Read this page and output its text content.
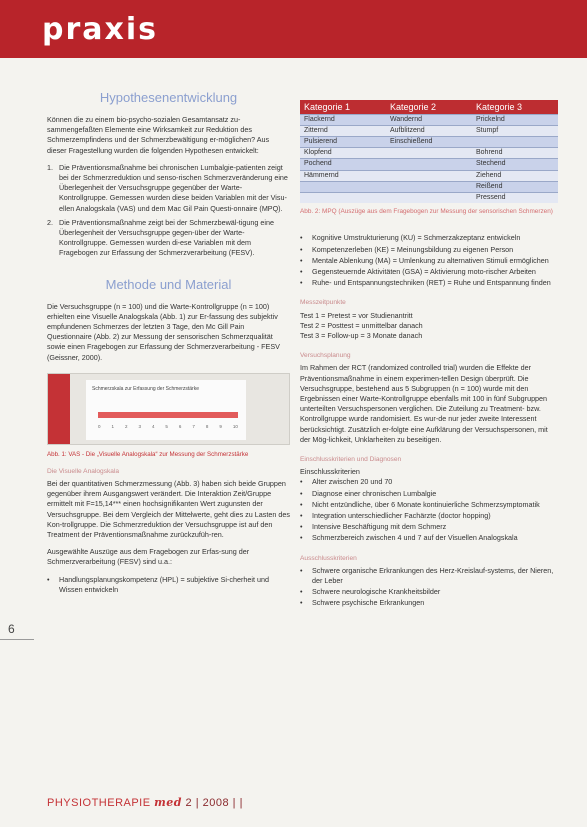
praxis
Hypothesenentwicklung
Können die zu einem bio-psycho-sozialen Gesamtansatz zu-sammengefaßten Elemente eine Wirksamkeit zur Reduktion des Schmerzempfindens und der Schmerzbewältigung er-möglichen? Aus dieser Fragestellung wurden die folgenden Hypothesen entwickelt:
1. Die Präventionsmaßnahme bei chronischen Lumbalgie-patienten zeigt bei der Schmerzreduktion und senso-rischen Schmerzveränderung eine Überlegenheit der Versuchsgruppe gegenüber der Warte-Kontrollgruppe. Gemessen wurden diese beiden Variablen mit der Visu-ellen Analogskala (VAS) und dem Mac Gil Pain Questi-onnaire (MPQ).
2. Die Präventionsmaßnahme zeigt bei der Schmerzbewäl-tigung eine Überlegenheit der Versuchsgruppe gegen-über der Warte-Kontrollgruppe. Gemessen wurden di-ese Variablen mit dem Fragebogen zur Erfassung der Schmerzverarbeitung (FESV).
Methode und Material
Die Versuchsgruppe (n = 100) und die Warte-Kontrollgruppe (n = 100) erhielten eine Visuelle Analogskala (Abb. 1) zur Er-fassung des subjektiv empfundenen Schmerzes der letzten 3 Tage, den Mc Gill Pain Questionnaire (Abb. 2) zur Messung der sensorischen Schmerzqualität sowie einen Fragebogen zur Erfassung der Schmerzverarbeitung - FESV (Geissner, 2000).
Schmerzskala zur Erfassung der Schmerzstärke
0 1 2 3 4 5 6 7 8 9 10
Abb. 1: VAS - Die „Visuelle Analogskala“ zur Messung der Schmerzstärke
Die Visuelle Analogskala
Bei der quantitativen Schmerzmessung (Abb. 3) haben sich beide Gruppen gegenüber ihrem Ausgangswert verändert. Die Interaktion Zeit/Gruppe ermittelt mit F=15,14*** einen hochsignifikanten Wert zugunsten der Versuchsgruppe. Bei dem Vergleich der Mittelwerte, geht dies zu Lasten des Kon-trollgruppe. Die Schmerzreduktion der Versuchsgruppe ist auf den Treatment der Präventionsmaßnahme zurückzufüh-ren.
Ausgewählte Auszüge aus dem Fragebogen zur Erfas-sung der Schmerzverarbeitung (FESV) sind u.a.:
•	Handlungsplanungskompetenz (HPL) = subjektive Si-cherheit und Wissen entwickeln
Kategorie 1	Kategorie 2	Kategorie 3
Flackernd	Wandernd	Prickelnd
Zitternd	Aufblitzend	Stumpf
Pulsierend	Einschießend	
Klopfend		Bohrend
Pochend		Stechend
Hämmernd		Ziehend
		Reißend
		Pressend
Abb. 2: MPQ (Auszüge aus dem Fragebogen zur Messung der sensorischen Schmerzen)
•	Kognitive Umstrukturierung (KU) = Schmerzakzeptanz entwickeln
•	Kompetenzerleben (KE) = Meinungsbildung zu eigenen Person
•	Mentale Ablenkung (MA) = Umlenkung zu alternativen Stimuli ermöglichen
•	Gegensteuernde Aktivitäten (GSA) = Aktivierung moto-rischer Arbeiten
•	Ruhe- und Entspannungstechniken (RET) = Ruhe und Entspannung finden
Messzeitpunkte
Test 1 = Pretest = vor Studienantritt
Test 2 = Posttest = unmittelbar danach
Test 3 = Follow-up = 3 Monate danach
Versuchsplanung
Im Rahmen der RCT (randomized controlled trial) wurden die Effekte der Präventionsmaßnahme in einem experimen-tellen Design überprüft. Die Versuchsgruppe, bestehend aus 5 Subgruppen (n = 100) wurde mit den Ergebnissen einer Warte-Kontrollgruppe ebenfalls mit 100 in fünf Subgruppen unterteilten Versuchspersonen verglichen. Die Zuteilung zu Treatment- bzw. Kontrollgruppe wurde randomisiert. Es wur-de nur jeder zweite Interessent berücksichtigt. Zusätzlich er-folgte eine Aufklärung der Versuchspersonen, mit der Mög-lichkeit, Unklarheiten zu beseitigen.
Einschlusskriterien und Diagnosen
Einschlusskriterien
•	Alter zwischen 20 und 70
•	Diagnose einer chronischen Lumbalgie
•	Nicht entzündliche, über 6 Monate kontinuierliche Schmerzsymptomatik
•	Integration unterschiedlicher Fachärzte (doctor hopping)
•	Intensive Beschäftigung mit dem Schmerz
•	Schmerzbereich zwischen 4 und 7 auf der Visuellen Analogskala
Ausschlusskriterien
•	Schwere organische Erkrankungen des Herz-Kreislauf-systems, der Nieren, der Leber
•	Schwere neurologische Krankheitsbilder
•	Schwere psychische Erkrankungen
6
PHYSIOTHERAPIE med 2 | 2008 | |
